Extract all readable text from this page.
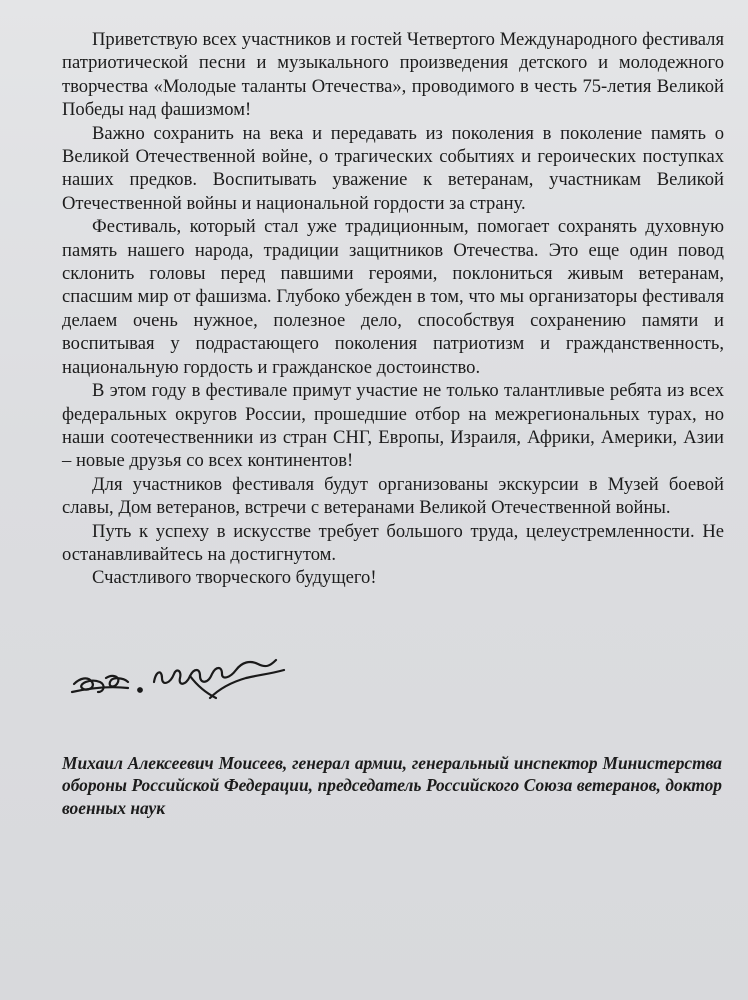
Приветствую всех участников и гостей Четвертого Международного фестиваля патриотической песни и музыкального произведения детского и молодежного творчества «Молодые таланты Отечества», проводимого в честь 75-летия Великой Победы над фашизмом!

Важно сохранить на века и передавать из поколения в поколение память о Великой Отечественной войне, о трагических событиях и героических поступках наших предков. Воспитывать уважение к ветеранам, участникам Великой Отечественной войны и национальной гордости за страну.

Фестиваль, который стал уже традиционным, помогает сохранять духовную память нашего народа, традиции защитников Отечества. Это еще один повод склонить головы перед павшими героями, поклониться живым ветеранам, спасшим мир от фашизма. Глубоко убежден в том, что мы организаторы фестиваля делаем очень нужное, полезное дело, способствуя сохранению памяти и воспитывая у подрастающего поколения патриотизм и гражданственность, национальную гордость и гражданское достоинство.

В этом году в фестивале примут участие не только талантливые ребята из всех федеральных округов России, прошедшие отбор на межрегиональных турах, но наши соотечественники из стран СНГ, Европы, Израиля, Африки, Америки, Азии – новые друзья со всех континентов!

Для участников фестиваля будут организованы экскурсии в Музей боевой славы, Дом ветеранов, встречи с ветеранами Великой Отечественной войны.

Путь к успеху в искусстве требует большого труда, целеустремленности. Не останавливайтесь на достигнутом.

Счастливого творческого будущего!

Михаил Алексеевич Моисеев, генерал армии, генеральный инспектор Министерства обороны Российской Федерации, председатель Российского Союза ветеранов, доктор военных наук
